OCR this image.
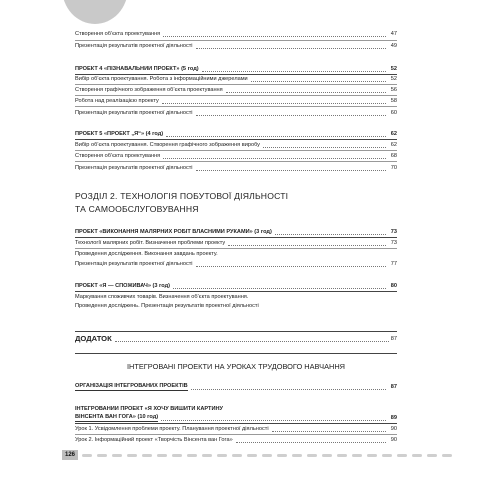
Створення об’єкта проектування	47
Презентація результатів проектної діяльності	49
ПРОЕКТ 4 «ПІЗНАВАЛЬНИЙ ПРОЕКТ» (5 год)	52
Вибір об’єкта проектування. Робота з інформаційними джерелами	52
Створення графічного зображення об’єкта проектування	56
Робота над реалізацією проекту	58
Презентація результатів проектної діяльності	60
ПРОЕКТ 5 «ПРОЕКТ „Я“» (4 год)	62
Вибір об’єкта проектування. Створення графічного зображення виробу	62
Створення об’єкта проектування	68
Презентація результатів проектної діяльності	70
РОЗДІЛ 2. ТЕХНОЛОГІЯ ПОБУТОВОЇ ДІЯЛЬНОСТІ
ТА САМООБСЛУГОВУВАННЯ
ПРОЕКТ «ВИКОНАННЯ МАЛЯРНИХ РОБІТ ВЛАСНИМИ РУКАМИ» (3 год)	73
Технології малярних робіт. Визначення проблеми проекту	73
Проведення дослідження. Виконання завдань проекту.
Презентація результатів проектної діяльності	77
ПРОЕКТ «Я — СПОЖИВАЧ» (3 год)	80
Маркування споживчих товарів. Визначення об’єкта проектування.
Проведення досліджень. Презентація результатів проектної діяльності
ДОДАТОК	87
ІНТЕГРОВАНІ ПРОЕКТИ НА УРОКАХ ТРУДОВОГО НАВЧАННЯ
ОРГАНІЗАЦІЯ ІНТЕГРОВАНИХ ПРОЕКТІВ	87
ІНТЕГРОВАНИЙ ПРОЕКТ «Я ХОЧУ ВИШИТИ КАРТИНУ
ВІНСЕНТА ВАН ГОГА» (10 год)	89
Урок 1. Усвідомлення проблеми проекту. Планування проектної діяльності	90
Урок 2. Інформаційний проект «Творчість Вінсента ван Гога»	90
126
